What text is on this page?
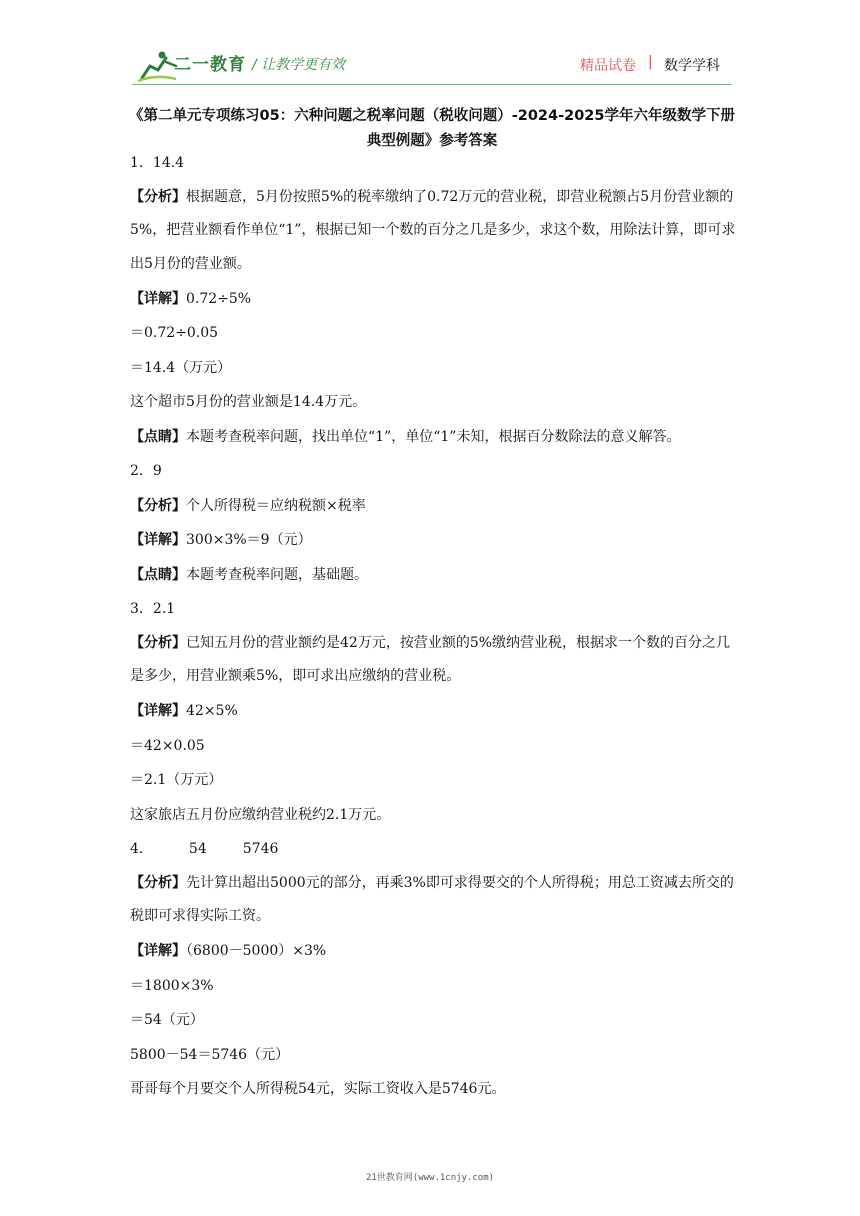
二一教育 / 让教学更有效	精品试卷 | 数学学科
《第二单元专项练习05：六种问题之税率问题（税收问题）-2024-2025学年六年级数学下册典型例题》参考答案
1．14.4
【分析】根据题意，5月份按照5%的税率缴纳了0.72万元的营业税，即营业税额占5月份营业额的5%，把营业额看作单位“1”，根据已知一个数的百分之几是多少，求这个数，用除法计算，即可求出5月份的营业额。
【详解】0.72÷5%
＝0.72÷0.05
＝14.4（万元）
这个超市5月份的营业额是14.4万元。
【点睛】本题考查税率问题，找出单位“1”，单位“1”未知，根据百分数除法的意义解答。
2．9
【分析】个人所得税＝应纳税额×税率
【详解】300×3%＝9（元）
【点睛】本题考查税率问题，基础题。
3．2.1
【分析】已知五月份的营业额约是42万元，按营业额的5%缴纳营业税，根据求一个数的百分之几是多少，用营业额乘5%，即可求出应缴纳的营业税。
【详解】42×5%
＝42×0.05
＝2.1（万元）
这家旅店五月份应缴纳营业税约2.1万元。
4．	54	5746
【分析】先计算出超出5000元的部分，再乘3%即可求得要交的个人所得税；用总工资减去所交的税即可求得实际工资。
【详解】（6800－5000）×3%
＝1800×3%
＝54（元）
5800－54＝5746（元）
哥哥每个月要交个人所得税54元，实际工资收入是5746元。
21世教育网(www.1cnjy.com)
